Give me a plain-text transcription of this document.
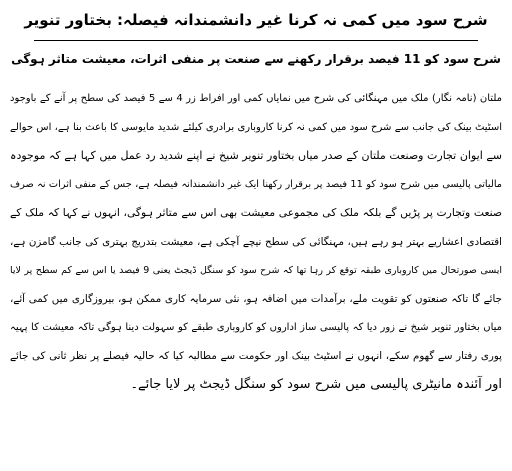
شرح سود میں کمی نہ کرنا غیر دانشمندانہ فیصلہ: بختاور تنویر
شرح سود کو 11 فیصد برقرار رکھنے سے صنعت پر منفی اثرات، معیشت متاثر ہوگی
ملتان (نامہ نگار) ملک میں مہنگائی کی شرح میں نمایاں کمی اور افراط زر 4 سے 5 فیصد کی سطح پر آنے کے باوجود
اسٹیٹ بینک کی جانب سے شرح سود میں کمی نہ کرنا کاروباری برادری کیلئے شدید مایوسی کا باعث بنا ہے، اس حوالے
سے ایوان تجارت وصنعت ملتان کے صدر میاں بختاور تنویر شیخ نے اپنے شدید رد عمل میں کہا ہے کہ موجودہ
مالیاتی پالیسی میں شرح سود کو 11 فیصد پر برقرار رکھنا ایک غیر دانشمندانہ فیصلہ ہے، جس کے منفی اثرات نہ صرف
صنعت وتجارت پر پڑیں گے بلکہ ملک کی مجموعی معیشت بھی اس سے متاثر ہوگی، انہوں نے کہا کہ ملک کے
اقتصادی اعشاریے بہتر ہو رہے ہیں، مہنگائی کی سطح نیچے آچکی ہے، معیشت بتدریج بہتری کی جانب گامزن ہے،
ایسی صورتحال میں کاروباری طبقہ توقع کر رہا تھا کہ شرح سود کو سنگل ڈیجٹ یعنی 9 فیصد یا اس سے کم سطح پر لایا
جائے گا تاکہ صنعتوں کو تقویت ملے، برآمدات میں اضافہ ہو، نئی سرمایہ کاری ممکن ہو، بیروزگاری میں کمی آئے،
میاں بختاور تنویر شیخ نے زور دیا کہ پالیسی ساز اداروں کو کاروباری طبقے کو سہولت دینا ہوگی تاکہ معیشت کا پہیہ
پوری رفتار سے گھوم سکے، انہوں نے اسٹیٹ بینک اور حکومت سے مطالبہ کیا کہ حالیہ فیصلے پر نظر ثانی کی جائے
اور آئندہ مانیٹری پالیسی میں شرح سود کو سنگل ڈیجٹ پر لایا جائے۔
